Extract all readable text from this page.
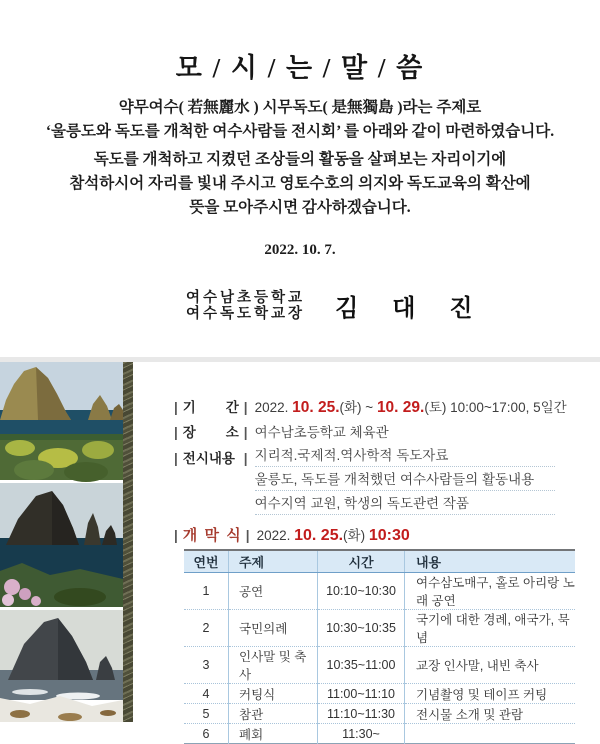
모 / 시 / 는 / 말 / 씀
약무여수( 若無麗水 ) 시무독도( 是無獨島 )라는 주제로
‘울릉도와 독도를 개척한 여수사람들 전시회’ 를 아래와 같이 마련하였습니다.
독도를 개척하고 지켰던 조상들의 활동을 살펴보는 자리이기에
참석하시어 자리를 빛내 주시고 영토수호의 의지와 독도교육의 확산에
뜻을 모아주시면 감사하겠습니다.
2022. 10. 7.
여수남초등학교
여수독도학교장 김 대 진
| 기 간 | 2022. 10. 25.(화) ~ 10. 29.(토) 10:00~17:00, 5일간
| 장 소 | 여수남초등학교 체육관
| 전시내용 | 지리적.국제적.역사학적 독도자료
울릉도, 독도를 개척했던 여수사람들의 활동내용
여수지역 교원, 학생의 독도관련 작품
| 개 막 식 | 2022. 10. 25.(화) 10:30
연번	주제	시간	내용
1	공연	10:10~10:30	여수삼도매구, 홀로 아리랑 노래 공연
2	국민의례	10:30~10:35	국기에 대한 경례, 애국가, 묵념
3	인사말 및 축사	10:35~11:00	교장 인사말, 내빈 축사
4	커팅식	11:00~11:10	기념촬영 및 테이프 커팅
5	참관	11:10~11:30	전시물 소개 및 관람
6	폐회	11:30~	
